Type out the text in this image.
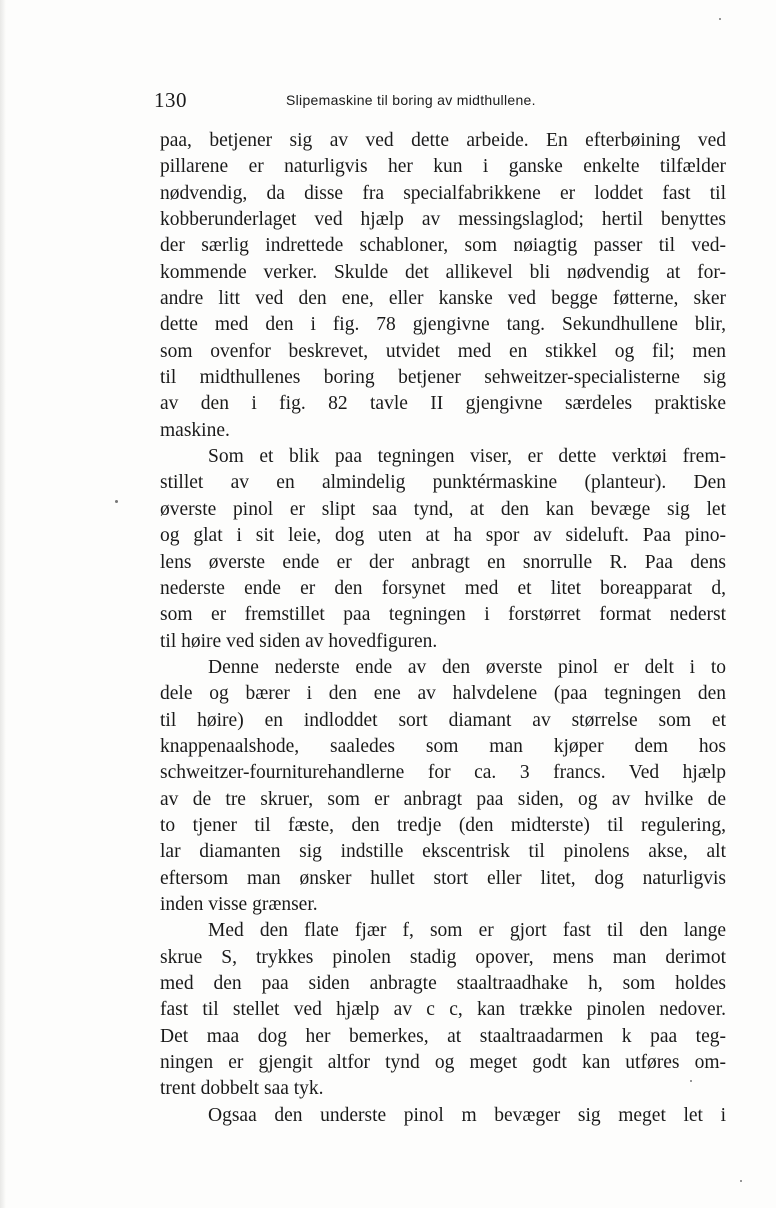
130	Slipemaskine til boring av midthullene.
paa, betjener sig av ved dette arbeide. En efterbøining ved
pillarene er naturligvis her kun i ganske enkelte tilfælder
nødvendig, da disse fra specialfabrikkene er loddet fast til
kobberunderlaget ved hjælp av messingslaglod; hertil benyttes
der særlig indrettede schabloner, som nøiagtig passer til ved-
kommende verker. Skulde det allikevel bli nødvendig at for-
andre litt ved den ene, eller kanske ved begge føtterne, sker
dette med den i fig. 78 gjengivne tang. Sekundhullene blir,
som ovenfor beskrevet, utvidet med en stikkel og fil; men
til midthullenes boring betjener sehweitzer-specialisterne sig
av den i fig. 82 tavle II gjengivne særdeles praktiske
maskine.
Som et blik paa tegningen viser, er dette verktøi frem-
stillet av en almindelig punktérmaskine (planteur). Den
øverste pinol er slipt saa tynd, at den kan bevæge sig let
og glat i sit leie, dog uten at ha spor av sideluft. Paa pino-
lens øverste ende er der anbragt en snorrulle R. Paa dens
nederste ende er den forsynet med et litet boreapparat d,
som er fremstillet paa tegningen i forstørret format nederst
til høire ved siden av hovedfiguren.
Denne nederste ende av den øverste pinol er delt i to
dele og bærer i den ene av halvdelene (paa tegningen den
til høire) en indloddet sort diamant av størrelse som et
knappenaalshode, saaledes som man kjøper dem hos
schweitzer-fourniturehandlerne for ca. 3 francs. Ved hjælp
av de tre skruer, som er anbragt paa siden, og av hvilke de
to tjener til fæste, den tredje (den midterste) til regulering,
lar diamanten sig indstille ekscentrisk til pinolens akse, alt
eftersom man ønsker hullet stort eller litet, dog naturligvis
inden visse grænser.
Med den flate fjær f, som er gjort fast til den lange
skrue S, trykkes pinolen stadig opover, mens man derimot
med den paa siden anbragte staaltraadhake h, som holdes
fast til stellet ved hjælp av c c, kan trække pinolen nedover.
Det maa dog her bemerkes, at staaltraadarmen k paa teg-
ningen er gjengit altfor tynd og meget godt kan utføres om-
trent dobbelt saa tyk.
Ogsaa den underste pinol m bevæger sig meget let i
